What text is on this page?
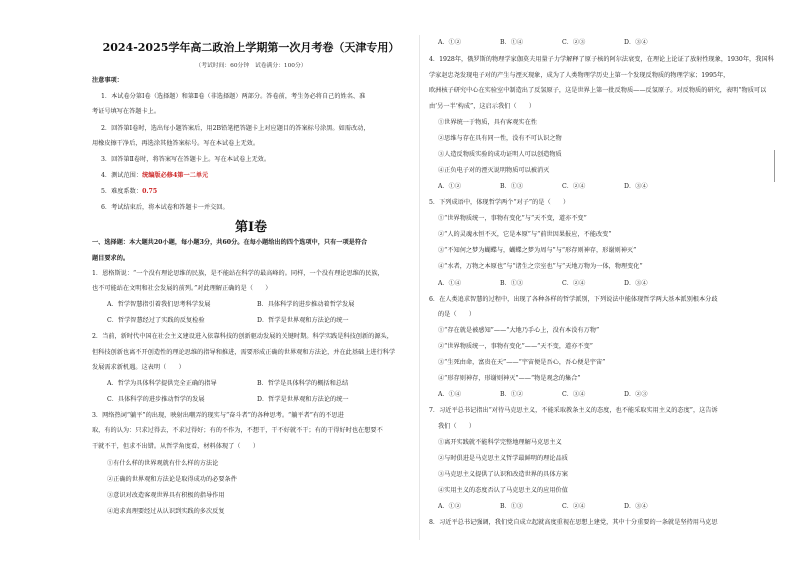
2024-2025学年高二政治上学期第一次月考卷（天津专用）
（考试时间：60分钟　试卷满分：100分）
注意事项：
1．本试卷分第Ⅰ卷（选择题）和第Ⅱ卷（非选择题）两部分。答卷前，考生务必将自己的姓名、准
考证号填写在答题卡上。
2．回答第Ⅰ卷时，选出每小题答案后，用2B铅笔把答题卡上对应题目的答案标号涂黑。如需改动，
用橡皮擦干净后，再选涂其他答案标号。写在本试卷上无效。
3．回答第Ⅱ卷时，将答案写在答题卡上。写在本试卷上无效。
4．测试范围：统编版必修4第一二单元
5．难度系数：0.75
6．考试结束后，将本试卷和答题卡一并交回。
一、选择题：本大题共20小题，每小题3分，共60分。在每小题给出的四个选项中，只有一项是符合
题目要求的。
1．恩格斯说：“一个没有理论思维的民族，是不能站在科学的最高峰的。同样，一个没有理论思维的民族，
也不可能站在文明和社会发展的前列。”对此理解正确的是（　　）
A．哲学智慧指引着我们思考科学发展	B．具体科学的进步推动着哲学发展
C．哲学智慧经过了实践的反复检验	D．哲学是世界观和方法论的统一
2．当前，新时代中国在社会主义建设进入依靠科技的创新驱动发展的关键时期。科学实践是科技创新的源头，
但科技创新也离不开创造性的理论思维的指导和推进，需要形成正确的世界观和方法论，并在此基础上进行科学
发展需求新机遇。这表明（　　）
A．哲学为具体科学提供完全正确的指导	B．哲学是具体科学的概括和总结
C．具体科学的进步推动哲学的发展	D．哲学是世界观和方法论的统一
3．网络热词“躺平”的出现，映射出嘲弄的现实与“奋斗者”的各种思考。“躺平者”有的不思进
取，有的认为：只求过得去，不求过得好；有的不作为，不想干，干不好就不干；有的干得好时也在想要不
干就不干，但求不出错。从哲学角度看，材料体现了（　　）
①有什么样的世界观就有什么样的方法论
②正确的世界观和方法论是取得成功的必要条件
③意识对改造客观世界具有积极的指导作用
④追求真理要经过从认识到实践的多次反复
第Ⅰ卷
A．①②	B．①④	C．②③	D．③④
4．1928年，俄罗斯的物理学家伽莫夫用量子力学解释了原子核的阿尔法衰变，在理论上论证了放射性现象，1930年，我国科
学家赵忠尧发现电子对的产生与湮灭现象，成为了人类物理学历史上第一个发现反物质的物理学家；1995年，
欧洲核子研究中心在实验室中制造出了反氢原子，这是世界上第一批反物质——反氢原子。对反物质的研究，表明“物质可以
由‘另一半’构成”，这启示我们（　　）
①世界统一于物质，具有客观实在性
②思维与存在具有同一性，没有不可认识之物
③人造反物质实验的成功证明人可以创造物质
④正负电子对的湮灭说明物质可以被消灭
A．①②	B．①③	C．②④	D．③④
5．下列成语中，体现哲学两个“对子”的是（　　）
①“世界物质统一，事物有变化”与“天不变，道亦不变”
②“人的灵魂永恒不灭，它是本原”与“前世因果报应，不能改变”
③“不知何之梦为蝴蝶与，蝴蝶之梦为周与”与“形存则神存，形谢则神灭”
④“水者，万物之本原也”与“诸生之宗室也”与“天地万物为一体，物理变化”
A．①④	B．①③	C．②④	D．③④
6．在人类追求智慧的过程中，出现了各种各样的哲学派别，下列说法中能体现哲学两大基本派别根本分歧
的是（　　）
①“存在就是被感知”——“大地乃手心上，没有本没有万物”
②“世界物质统一，事物有变化”——“天不变，道亦不变”
③“生死由命，富贵在天”——“宇宙便是吾心，吾心便是宇宙”
④“形存则神存，形谢则神灭”——“物是观念的集合”
A．①④	B．①②	C．③④	D．②③
7．习近平总书记指出“对待马克思主义，不能采取教条主义的态度，也不能采取实用主义的态度”，这告诉
我们（　　）
①离开实践就不能科学完整地理解马克思主义
②与时俱进是马克思主义哲学最鲜明的理论品质
③马克思主义提供了认识和改造世界的具体方案
④实用主义的态度否认了马克思主义的应用价值
A．①②	B．①③	C．②④	D．③④
8．习近平总书记强调，我们党自成立起就高度重视在思想上建党，其中十分重要的一条就是坚持用马克思
